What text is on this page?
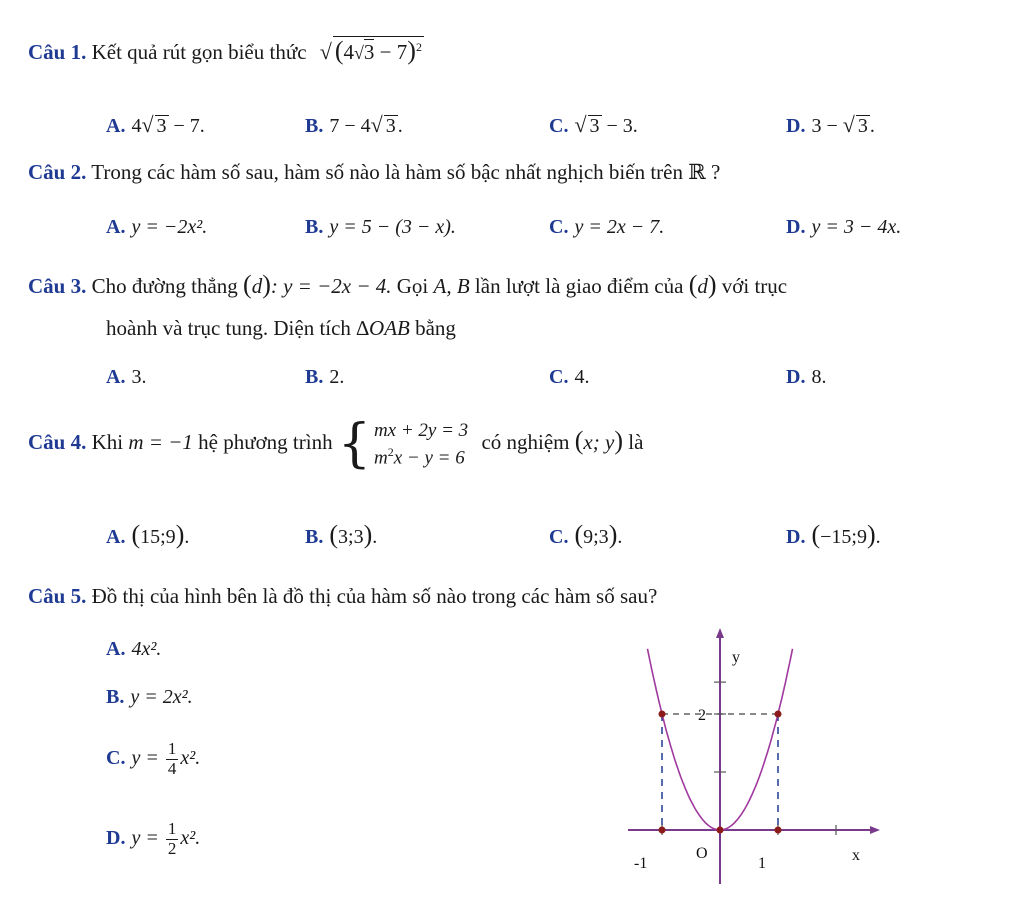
Câu 1. Kết quả rút gọn biểu thức √ $(4√3 - 7)^2$
A. 4√ 3 − 7.	B. 7 − 4√ 3 .	C. √ 3 − 3.	D. 3 − √ 3 .
Câu 2. Trong các hàm số sau, hàm số nào là hàm số bậc nhất nghịch biến trên ℝ ?
A. y = −2x².	B. y = 5 − (3 − x).	C. y = 2x − 7.	D. y = 3 − 4x.
Câu 3. Cho đường thẳng (d): y = −2x − 4. Gọi A, B lần lượt là giao điểm của (d) với trục
hoành và trục tung. Diện tích ∆OAB bằng
A. 3.	B. 2.	C. 4.	D. 8.
Câu 4. Khi m = −1 hệ phương trình { mx + 2y = 3
$m^2x - y = 6$
có nghiệm (x; y) là
A. (15;9).	B. (3;3).	C. (9;3).	D. (−15;9).
Câu 5. Đồ thị của hình bên là đồ thị của hàm số nào trong các hàm số sau?
A. 4x².
B. y = 2x².
C. $y = \frac{1}{4} x^2$.
D. $y = \frac{1}{2} x^2$.
y
x
O
2
-1	1
